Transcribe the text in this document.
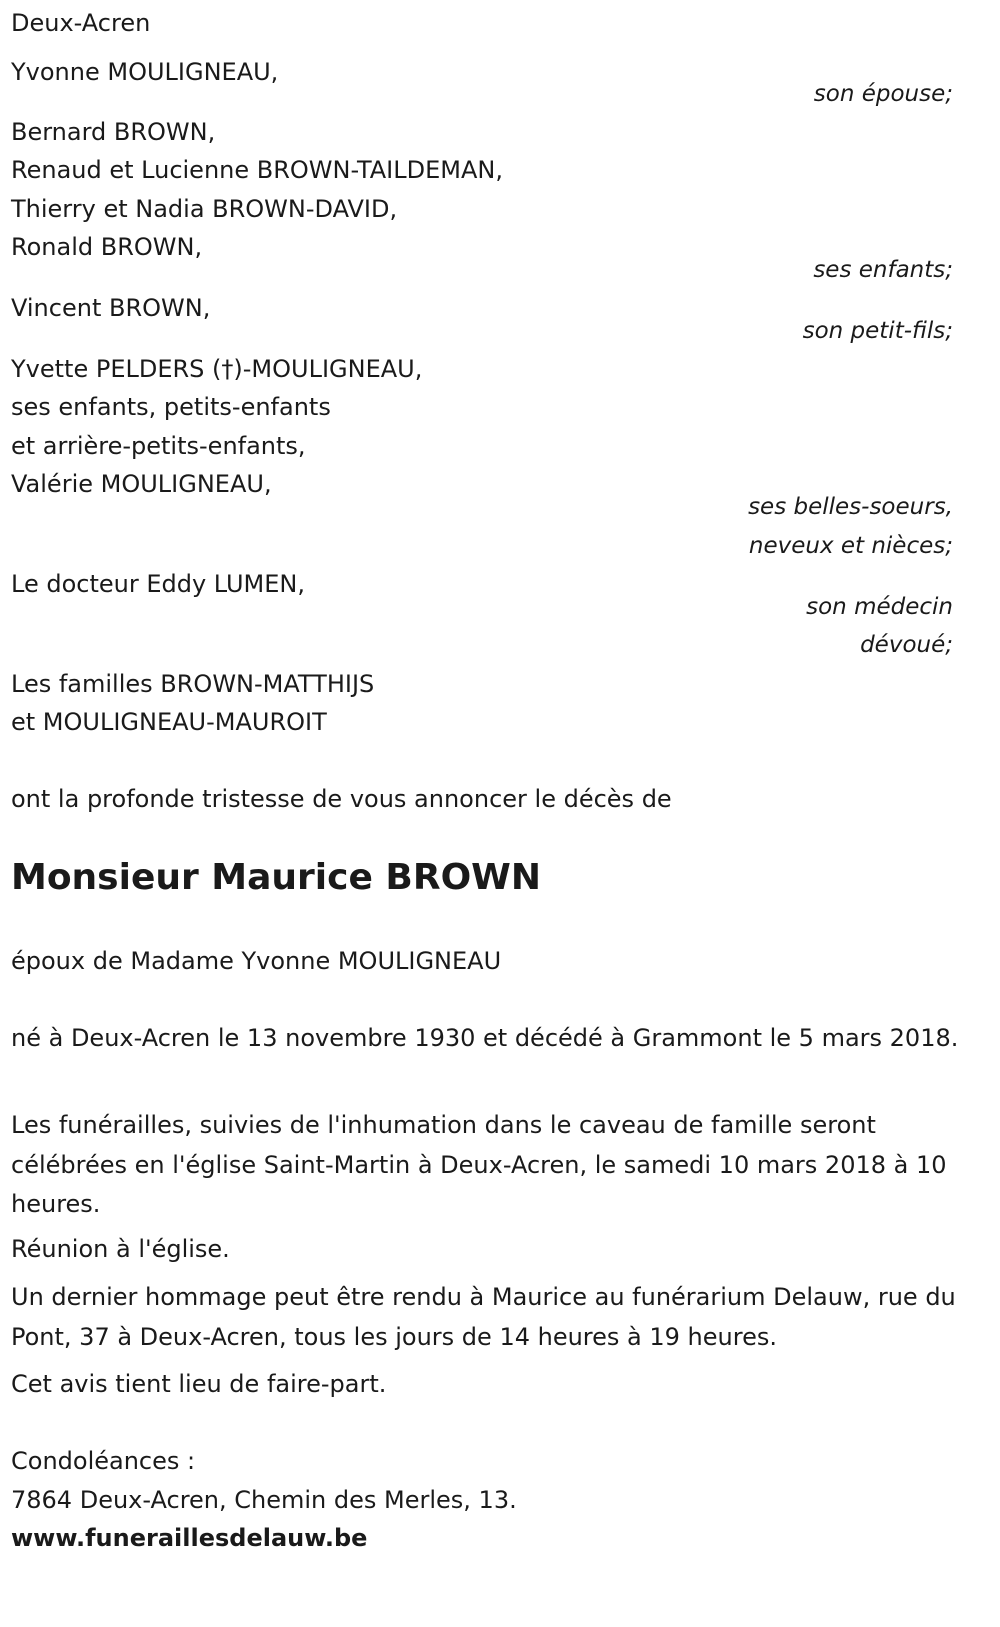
Deux-Acren

Yvonne MOULIGNEAU,

son épouse;

Bernard BROWN,

Renaud et Lucienne BROWN-TAILDEMAN,

Thierry et Nadia BROWN-DAVID,

Ronald BROWN,

ses enfants;

Vincent BROWN,

son petit-fils;

Yvette PELDERS (†)-MOULIGNEAU,

ses enfants, petits-enfants

et arrière-petits-enfants,

Valérie MOULIGNEAU,

ses belles-soeurs,

neveux et nièces;

Le docteur Eddy LUMEN,

son médecin

dévoué;

Les familles BROWN-MATTHIJS

et MOULIGNEAU-MAUROIT

ont la profonde tristesse de vous annoncer le décès de

Monsieur Maurice BROWN

époux de Madame Yvonne MOULIGNEAU

né à Deux-Acren le 13 novembre 1930 et décédé à Grammont le 5 mars 2018.

Les funérailles, suivies de l'inhumation dans le caveau de famille seront célébrées en l'église Saint-Martin à Deux-Acren, le samedi 10 mars 2018 à 10 heures.

Réunion à l'église.

Un dernier hommage peut être rendu à Maurice au funérarium Delauw, rue du Pont, 37 à Deux-Acren, tous les jours de 14 heures à 19 heures.

Cet avis tient lieu de faire-part.

Condoléances :

7864 Deux-Acren, Chemin des Merles, 13.

www.funeraillesdelauw.be
